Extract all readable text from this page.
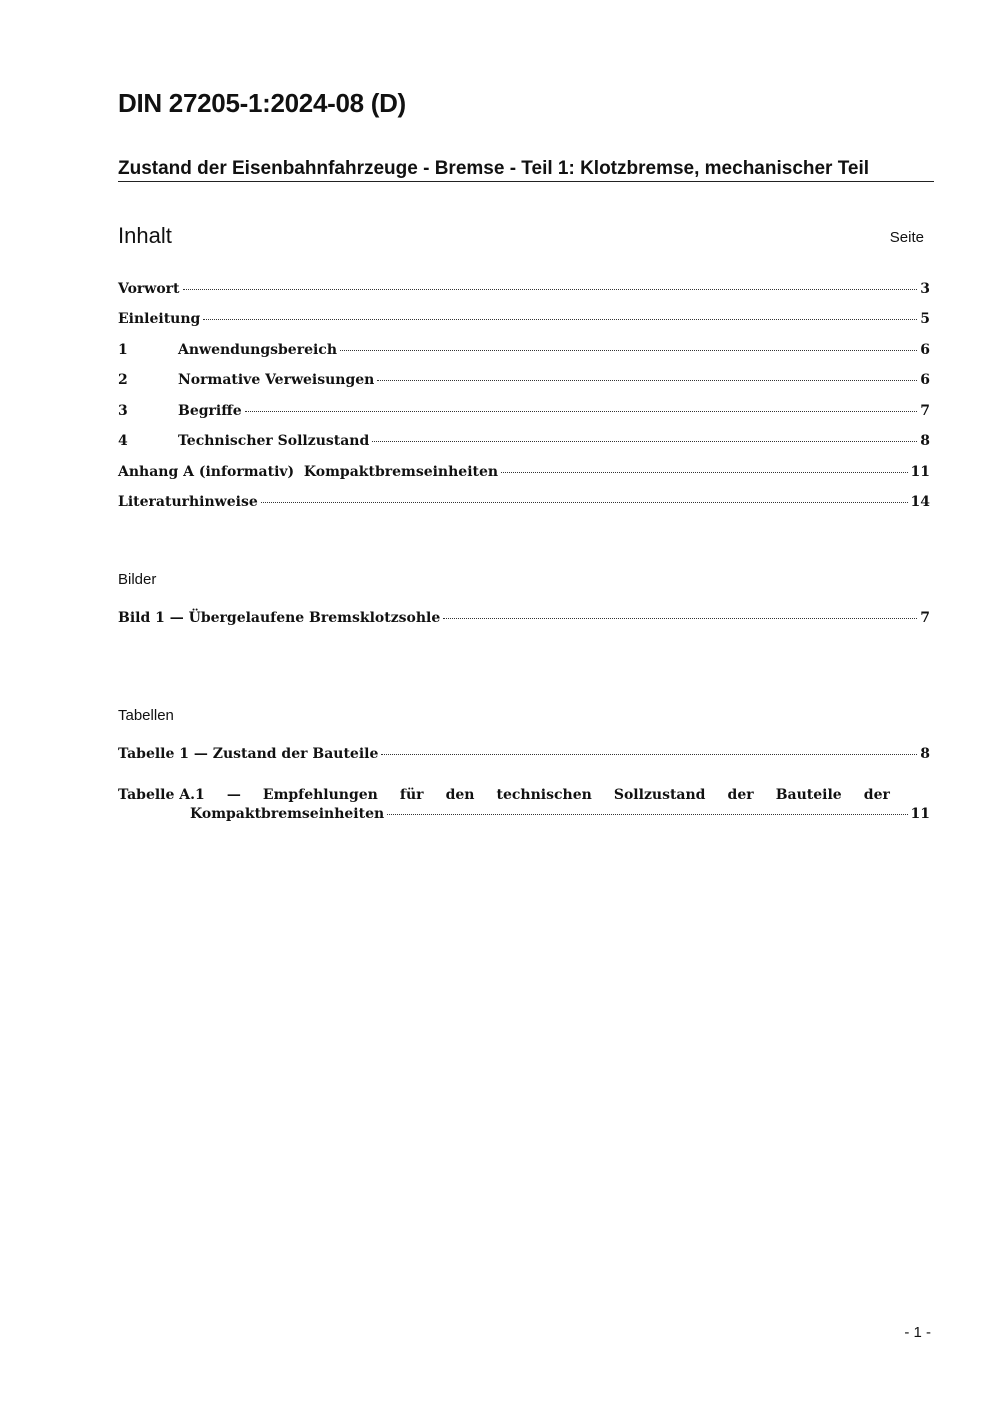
DIN 27205-1:2024-08 (D)
Zustand der Eisenbahnfahrzeuge - Bremse - Teil 1: Klotzbremse, mechanischer Teil
Inhalt	Seite
Vorwort	3
Einleitung	5
1	Anwendungsbereich	6
2	Normative Verweisungen	6
3	Begriffe	7
4	Technischer Sollzustand	8
Anhang A (informativ)  Kompaktbremseinheiten	11
Literaturhinweise	14
Bilder
Bild 1 — Übergelaufene Bremsklotzsohle	7
Tabellen
Tabelle 1 — Zustand der Bauteile	8
Tabelle A.1 — Empfehlungen für den technischen Sollzustand der Bauteile der
Kompaktbremseinheiten	11
- 1 -
